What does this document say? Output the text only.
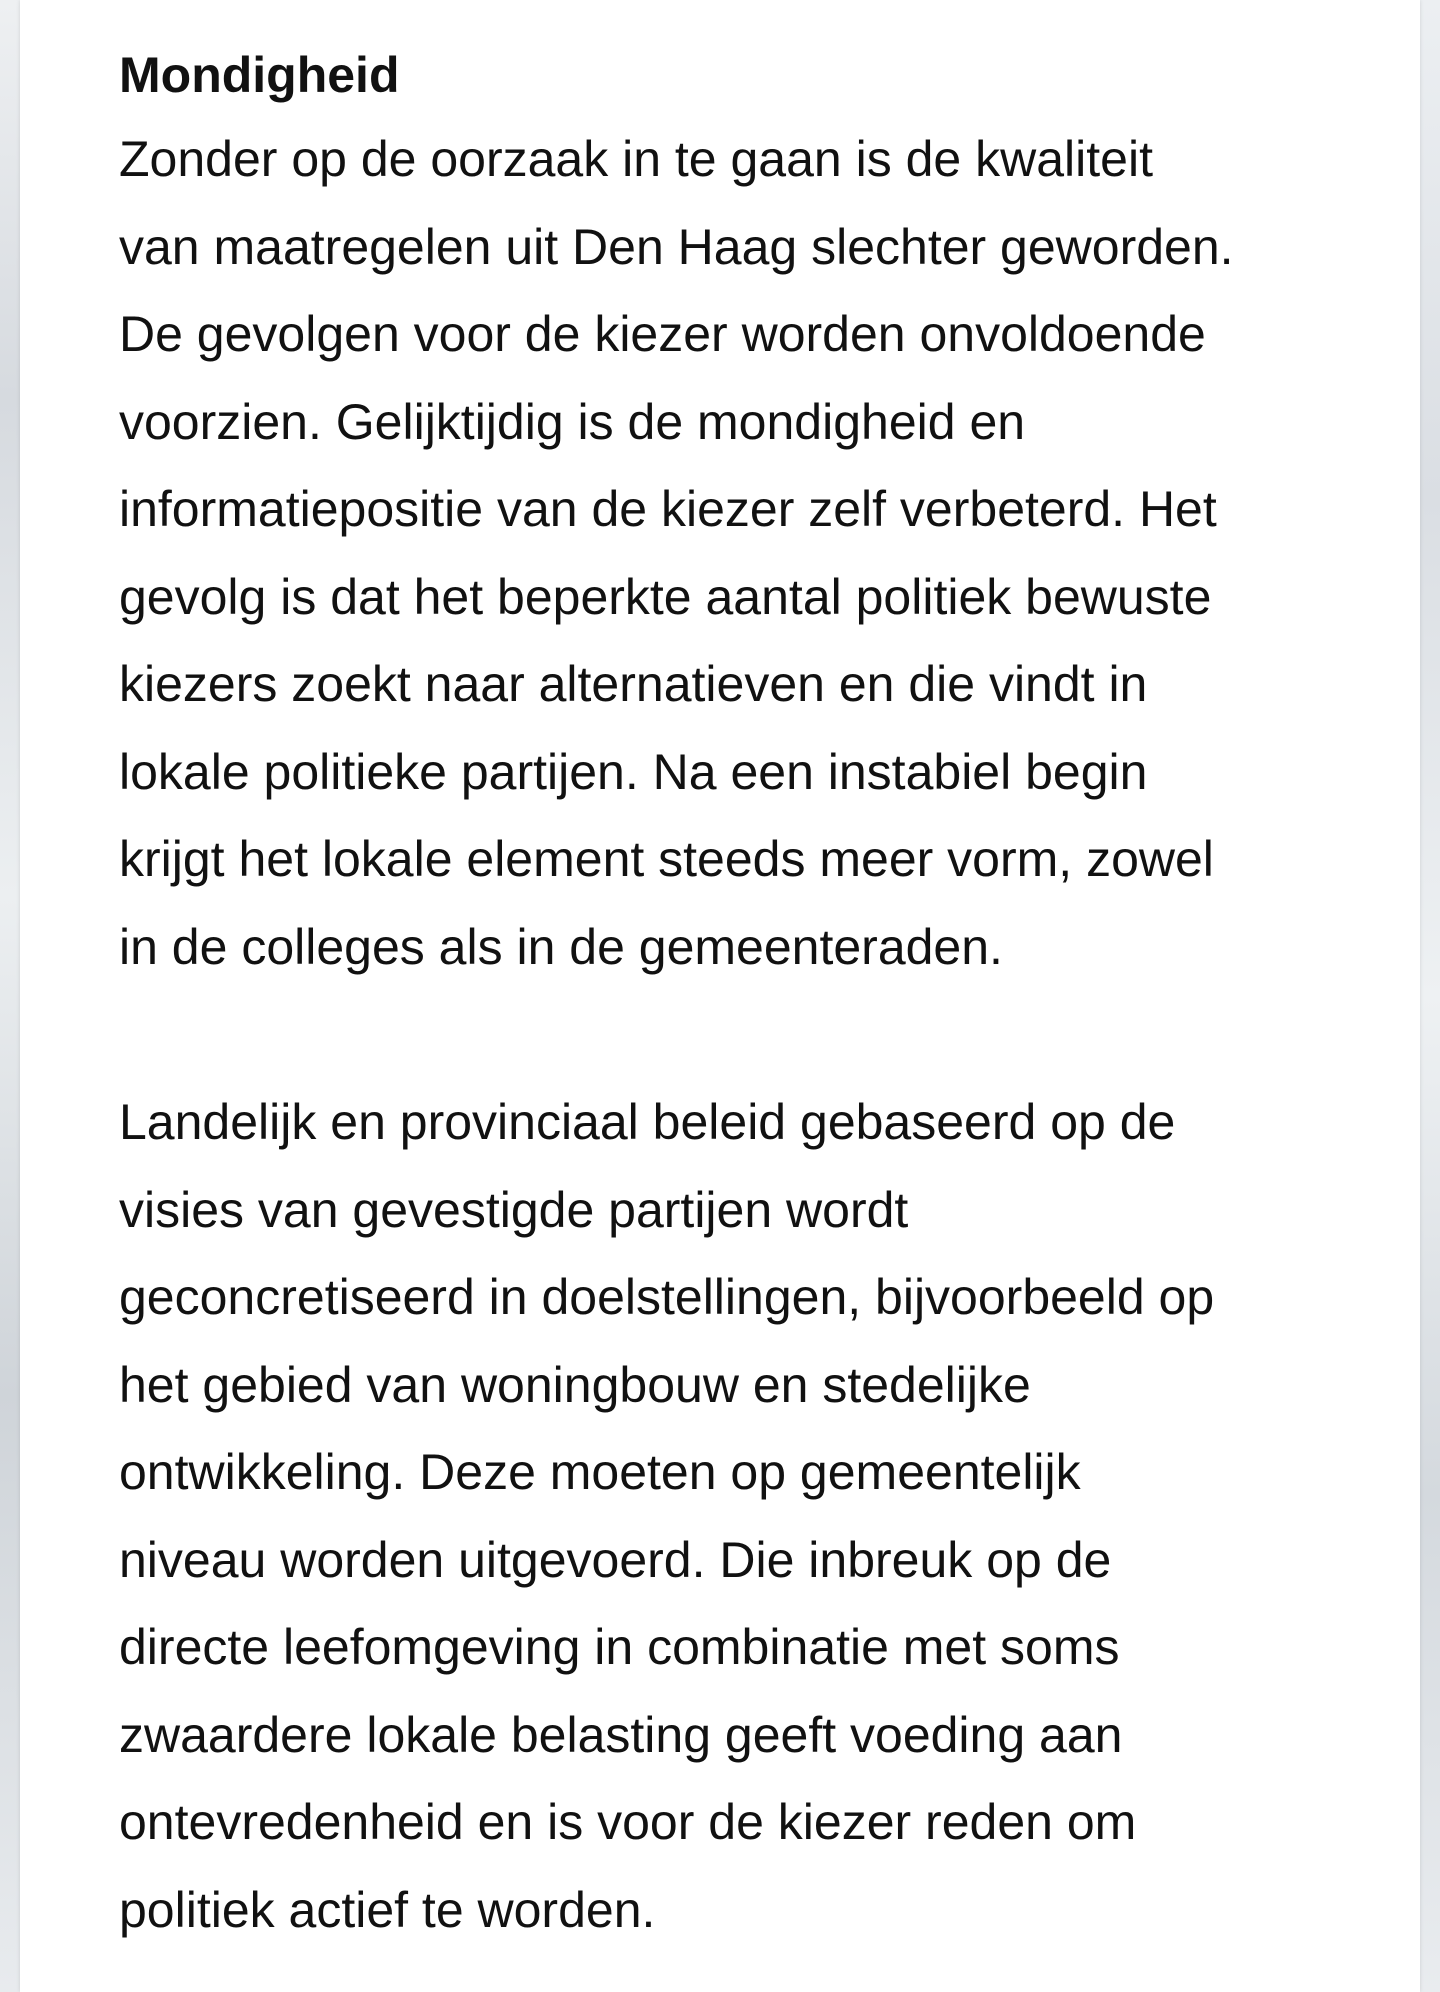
Mondigheid
Zonder op de oorzaak in te gaan is de kwaliteit
van maatregelen uit Den Haag slechter geworden.
De gevolgen voor de kiezer worden onvoldoende
voorzien. Gelijktijdig is de mondigheid en
informatiepositie van de kiezer zelf verbeterd. Het
gevolg is dat het beperkte aantal politiek bewuste
kiezers zoekt naar alternatieven en die vindt in
lokale politieke partijen. Na een instabiel begin
krijgt het lokale element steeds meer vorm, zowel
in de colleges als in de gemeenteraden.
Landelijk en provinciaal beleid gebaseerd op de
visies van gevestigde partijen wordt
geconcretiseerd in doelstellingen, bijvoorbeeld op
het gebied van woningbouw en stedelijke
ontwikkeling. Deze moeten op gemeentelijk
niveau worden uitgevoerd. Die inbreuk op de
directe leefomgeving in combinatie met soms
zwaardere lokale belasting geeft voeding aan
ontevredenheid en is voor de kiezer reden om
politiek actief te worden.
